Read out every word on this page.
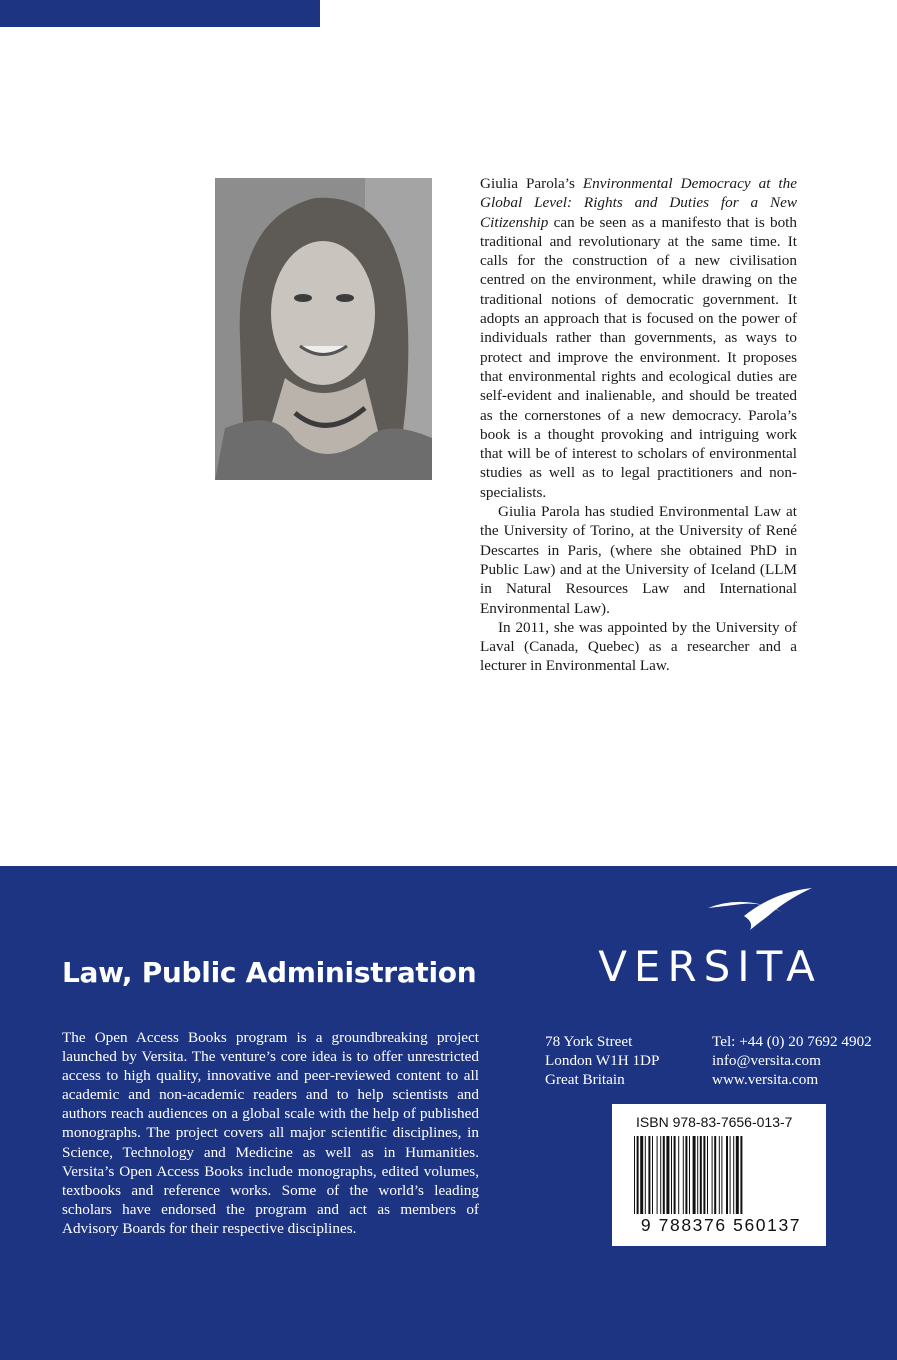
Giulia Parola’s Environmental Democracy at the Global Level: Rights and Duties for a New Citizenship can be seen as a manifesto that is both traditional and revolutionary at the same time. It calls for the construction of a new civilisation centred on the environment, while drawing on the traditional notions of democratic government. It adopts an approach that is focused on the power of individuals rather than governments, as ways to protect and improve the environment. It proposes that environmental rights and ecological duties are self-evident and inalienable, and should be treated as the cornerstones of a new democracy. Parola’s book is a thought provoking and intriguing work that will be of interest to scholars of environmental studies as well as to legal practitioners and non-specialists.

Giulia Parola has studied Environmental Law at the University of Torino, at the University of René Descartes in Paris, (where she obtained PhD in Public Law) and at the University of Iceland (LLM in Natural Resources Law and International Environmental Law).

In 2011, she was appointed by the University of Laval (Canada, Quebec) as a researcher and a lecturer in Environmental Law.

VERSITA
Law, Public Administration
The Open Access Books program is a groundbreaking project launched by Versita. The venture’s core idea is to offer unrestricted access to high quality, innovative and peer-reviewed content to all academic and non-academic readers and to help scientists and authors reach audiences on a global scale with the help of published monographs. The project covers all major scientific disciplines, in Science, Technology and Medicine as well as in Humanities. Versita’s Open Access Books include monographs, edited volumes, textbooks and reference works. Some of the world’s leading scholars have endorsed the program and act as members of Advisory Boards for their respective disciplines.
78 York Street
London W1H 1DP
Great Britain
Tel: +44 (0) 20 7692 4902
info@versita.com
www.versita.com
ISBN 978-83-7656-013-7
9 788376 560137
